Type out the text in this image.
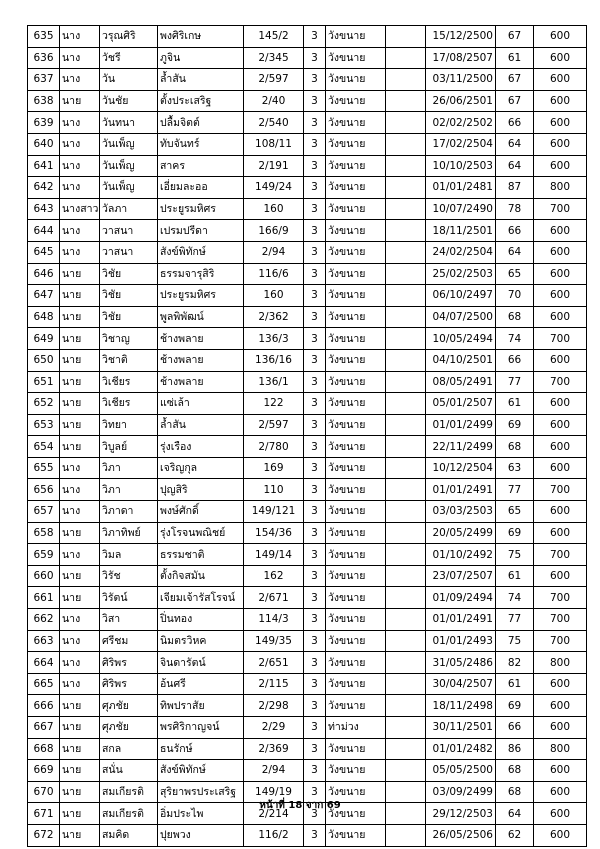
635	นาง	วรุณศิริ	พงศิริเกษ	145/2	3	วังขนาย		15/12/2500	67	600
636	นาง	วัชรี	ภูจิน	2/345	3	วังขนาย		17/08/2507	61	600
637	นาง	วัน	ล้ำสัน	2/597	3	วังขนาย		03/11/2500	67	600
638	นาย	วันชัย	ตั้งประเสริฐ	2/40	3	วังขนาย		26/06/2501	67	600
639	นาง	วันทนา	ปลื้มจิตต์	2/540	3	วังขนาย		02/02/2502	66	600
640	นาง	วันเพ็ญ	ทับจันทร์	108/11	3	วังขนาย		17/02/2504	64	600
641	นาง	วันเพ็ญ	สาคร	2/191	3	วังขนาย		10/10/2503	64	600
642	นาง	วันเพ็ญ	เอี่ยมละออ	149/24	3	วังขนาย		01/01/2481	87	800
643	นางสาว	วัลภา	ประยูรมหิศร	160	3	วังขนาย		10/07/2490	78	700
644	นาง	วาสนา	เปรมปรีดา	166/9	3	วังขนาย		18/11/2501	66	600
645	นาง	วาสนา	สังข์พิทักษ์	2/94	3	วังขนาย		24/02/2504	64	600
646	นาย	วิชัย	ธรรมจารุสิริ	116/6	3	วังขนาย		25/02/2503	65	600
647	นาย	วิชัย	ประยูรมหิศร	160	3	วังขนาย		06/10/2497	70	600
648	นาย	วิชัย	พูลพิพัฒน์	2/362	3	วังขนาย		04/07/2500	68	600
649	นาย	วิชาญ	ช้างพลาย	136/3	3	วังขนาย		10/05/2494	74	700
650	นาย	วิชาติ	ช้างพลาย	136/16	3	วังขนาย		04/10/2501	66	600
651	นาย	วิเชียร	ช้างพลาย	136/1	3	วังขนาย		08/05/2491	77	700
652	นาย	วิเชียร	แซ่เล้า	122	3	วังขนาย		05/01/2507	61	600
653	นาย	วิทยา	ล้ำสัน	2/597	3	วังขนาย		01/01/2499	69	600
654	นาย	วิบูลย์	รุ่งเรือง	2/780	3	วังขนาย		22/11/2499	68	600
655	นาง	วิภา	เจริญกุล	169	3	วังขนาย		10/12/2504	63	600
656	นาง	วิภา	ปุญสิริ	110	3	วังขนาย		01/01/2491	77	700
657	นาง	วิภาดา	พงษ์ศักดิ์	149/121	3	วังขนาย		03/03/2503	65	600
658	นาย	วิภาทิพย์	รุ่งโรจนพณิชย์	154/36	3	วังขนาย		20/05/2499	69	600
659	นาง	วิมล	ธรรมชาติ	149/14	3	วังขนาย		01/10/2492	75	700
660	นาย	วิรัช	ตั้งกิจสมัน	162	3	วังขนาย		23/07/2507	61	600
661	นาย	วิรัตน์	เจียมเจ้ารัสโรจน์	2/671	3	วังขนาย		01/09/2494	74	700
662	นาง	วิสา	ปิ่นทอง	114/3	3	วังขนาย		01/01/2491	77	700
663	นาง	ศรีชม	นิมตรวิหค	149/35	3	วังขนาย		01/01/2493	75	700
664	นาง	ศิริพร	จินดารัตน์	2/651	3	วังขนาย		31/05/2486	82	800
665	นาง	ศิริพร	อ้นศรี	2/115	3	วังขนาย		30/04/2507	61	600
666	นาย	ศุภชัย	ทิพปราสัย	2/298	3	วังขนาย		18/11/2498	69	600
667	นาย	ศุภชัย	พรศิริกาญจน์	2/29	3	ท่าม่วง		30/11/2501	66	600
668	นาย	สกล	ธนรักษ์	2/369	3	วังขนาย		01/01/2482	86	800
669	นาย	สนั่น	สังข์พิทักษ์	2/94	3	วังขนาย		05/05/2500	68	600
670	นาย	สมเกียรติ	สุริยาพรประเสริฐ	149/19	3	วังขนาย		03/09/2499	68	600
671	นาย	สมเกียรติ	อิ่มประไพ	2/214	3	วังขนาย		29/12/2503	64	600
672	นาย	สมคิด	ปุยพวง	116/2	3	วังขนาย		26/05/2506	62	600
หน้าที่ 18 จาก 69
